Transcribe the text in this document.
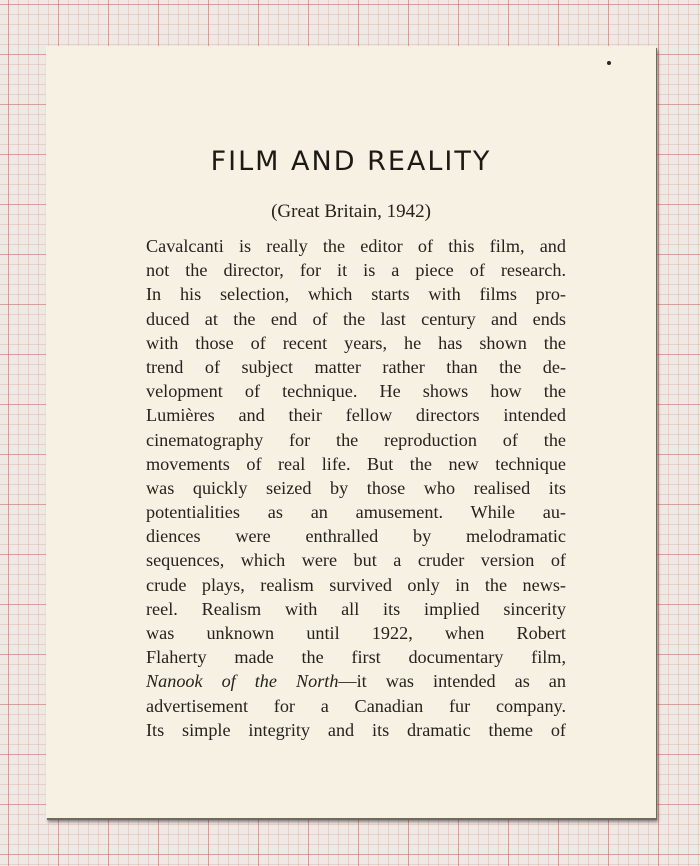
FILM AND REALITY

(Great Britain, 1942)

Cavalcanti is really the editor of this film, and
not the director, for it is a piece of research.
In his selection, which starts with films pro-
duced at the end of the last century and ends
with those of recent years, he has shown the
trend of subject matter rather than the de-
velopment of technique. He shows how the
Lumières and their fellow directors intended
cinematography for the reproduction of the
movements of real life. But the new technique
was quickly seized by those who realised its
potentialities as an amusement. While au-
diences were enthralled by melodramatic
sequences, which were but a cruder version of
crude plays, realism survived only in the news-
reel. Realism with all its implied sincerity
was unknown until 1922, when Robert
Flaherty made the first documentary film,
Nanook of the North—it was intended as an
advertisement for a Canadian fur company.
Its simple integrity and its dramatic theme of
